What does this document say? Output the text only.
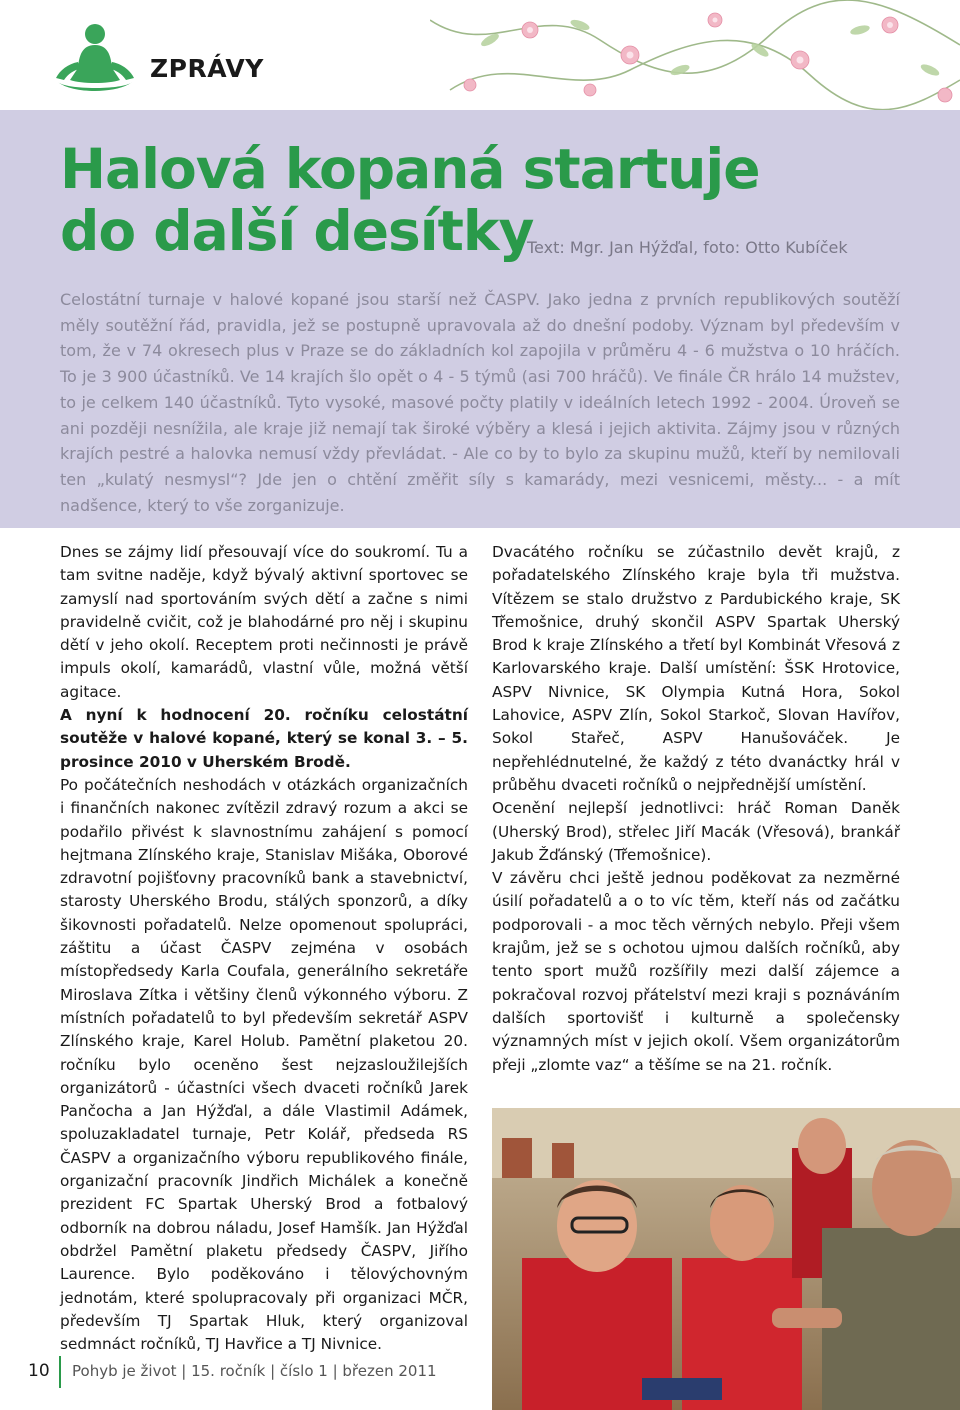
ZPRÁVY
Halová kopaná startuje
do další desítky
Text: Mgr. Jan Hýžďal, foto: Otto Kubíček

Celostátní turnaje v halové kopané jsou starší než ČASPV. Jako jedna z prvních republikových soutěží měly soutěžní řád, pravidla, jež se postupně upravovala až do dnešní podoby. Význam byl především v tom, že v 74 okresech plus v Praze se do základních kol zapojila v průměru 4 - 6 mužstva o 10 hráčích. To je 3 900 účastníků. Ve 14 krajích šlo opět o 4 - 5 týmů (asi 700 hráčů). Ve finále ČR hrálo 14 mužstev, to je celkem 140 účastníků. Tyto vysoké, masové počty platily v ideálních letech 1992 - 2004. Úroveň se ani později nesnížila, ale kraje již nemají tak široké výběry a klesá i jejich aktivita. Zájmy jsou v různých krajích pestré a halovka nemusí vždy převládat. - Ale co by to bylo za skupinu mužů, kteří by nemilovali ten „kulatý nesmysl“? Jde jen o chtění změřit síly s kamarády, mezi vesnicemi, městy... - a mít nadšence, který to vše zorganizuje.

Dnes se zájmy lidí přesouvají více do soukromí. Tu a tam svitne naděje, když bývalý aktivní sportovec se zamyslí nad sportováním svých dětí a začne s nimi pravidelně cvičit, což je blahodárné pro něj i skupinu dětí v jeho okolí. Receptem proti nečinnosti je právě impuls okolí, kamarádů, vlastní vůle, možná větší agitace.

A nyní k hodnocení 20. ročníku celostátní soutěže v halové kopané, který se konal 3. – 5. prosince 2010 v Uherském Brodě.

Po počátečních neshodách v otázkách organizačních i finančních nakonec zvítězil zdravý rozum a akci se podařilo přivést k slavnostnímu zahájení s pomocí hejtmana Zlínského kraje, Stanislav Mišáka, Oborové zdravotní pojišťovny pracovníků bank a stavebnictví, starosty Uherského Brodu, stálých sponzorů, a díky šikovnosti pořadatelů. Nelze opomenout spolupráci, záštitu a účast ČASPV zejména v osobách místopředsedy Karla Coufala, generálního sekretáře Miroslava Zítka i většiny členů výkonného výboru. Z místních pořadatelů to byl především sekretář ASPV Zlínského kraje, Karel Holub. Pamětní plaketou 20. ročníku bylo oceněno šest nejzasloužilejších organizátorů - účastníci všech dvaceti ročníků Jarek Pančocha a Jan Hýžďal, a dále Vlastimil Adámek, spoluzakladatel turnaje, Petr Kolář, předseda RS ČASPV a organizačního výboru republikového finále, organizační pracovník Jindřich Michálek a konečně prezident FC Spartak Uherský Brod a fotbalový odborník na dobrou náladu, Josef Hamšík. Jan Hýžďal obdržel Pamětní plaketu předsedy ČASPV, Jiřího Laurence. Bylo poděkováno i tělovýchovným jednotám, které spolupracovaly při organizaci MČR, především TJ Spartak Hluk, který organizoval sedmnáct ročníků, TJ Havřice a TJ Nivnice.

Dvacátého ročníku se zúčastnilo devět krajů, z pořadatelského Zlínského kraje byla tři mužstva. Vítězem se stalo družstvo z Pardubického kraje, SK Třemošnice, druhý skončil ASPV Spartak Uherský Brod k kraje Zlínského a třetí byl Kombinát Vřesová z Karlovarského kraje. Další umístění: ŠSK Hrotovice, ASPV Nivnice, SK Olympia Kutná Hora, Sokol Lahovice, ASPV Zlín, Sokol Starkoč, Slovan Havířov, Sokol Stařeč, ASPV Hanušováček. Je nepřehlédnutelné, že každý z této dvanáctky hrál v průběhu dvaceti ročníků o nejpřednější umístění.

Ocenění nejlepší jednotlivci: hráč Roman Daněk (Uherský Brod), střelec Jiří Macák (Vřesová), brankář Jakub Žďánský (Třemošnice).

V závěru chci ještě jednou poděkovat za nezměrné úsilí pořadatelů a o to víc těm, kteří nás od začátku podporovali - a moc těch věrných nebylo. Přeji všem krajům, jež se s ochotou ujmou dalších ročníků, aby tento sport mužů rozšířily mezi další zájemce a pokračoval rozvoj přátelství mezi kraji s poznáváním dalších sportovišť i kulturně a společensky významných míst v jejich okolí. Všem organizátorům přeji „zlomte vaz“ a těšíme se na 21. ročník.

10 Pohyb je život | 15. ročník | číslo 1 | březen 2011
